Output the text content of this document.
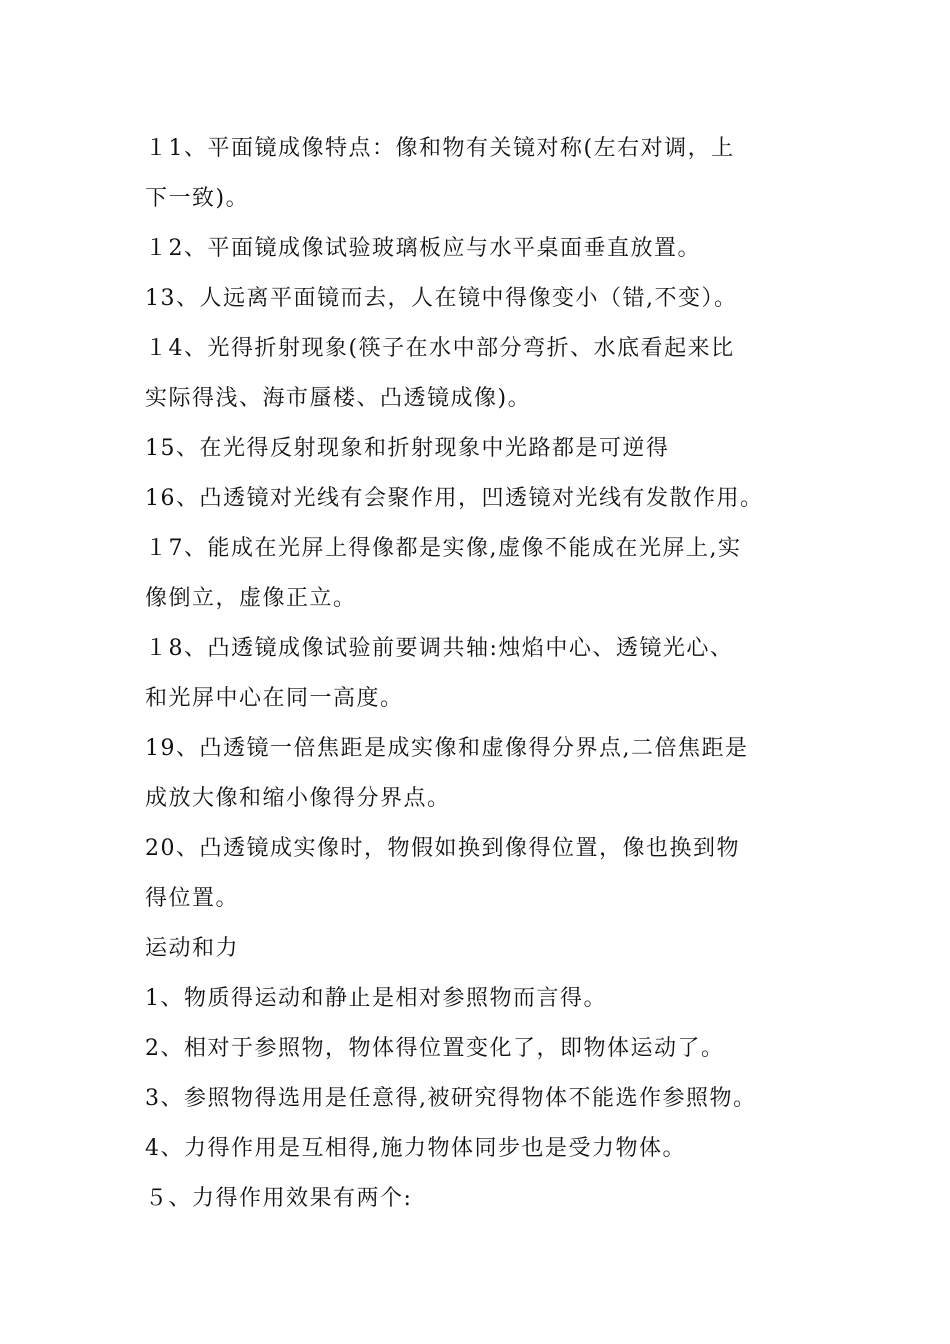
１1、平面镜成像特点：像和物有关镜对称(左右对调，上
下一致)。
１2、平面镜成像试验玻璃板应与水平桌面垂直放置。
13、人远离平面镜而去，人在镜中得像变小（错,不变）。
１4、光得折射现象(筷子在水中部分弯折、水底看起来比
实际得浅、海市蜃楼、凸透镜成像)。
15、在光得反射现象和折射现象中光路都是可逆得
16、凸透镜对光线有会聚作用，凹透镜对光线有发散作用。
１7、能成在光屏上得像都是实像,虚像不能成在光屏上,实
像倒立，虚像正立。
１8、凸透镜成像试验前要调共轴:烛焰中心、透镜光心、
和光屏中心在同一高度。
19、凸透镜一倍焦距是成实像和虚像得分界点,二倍焦距是
成放大像和缩小像得分界点。
20、凸透镜成实像时，物假如换到像得位置，像也换到物
得位置。
运动和力
1、物质得运动和静止是相对参照物而言得。
2、相对于参照物，物体得位置变化了，即物体运动了。
3、参照物得选用是任意得,被研究得物体不能选作参照物。
4、力得作用是互相得,施力物体同步也是受力物体。
５、力得作用效果有两个:
